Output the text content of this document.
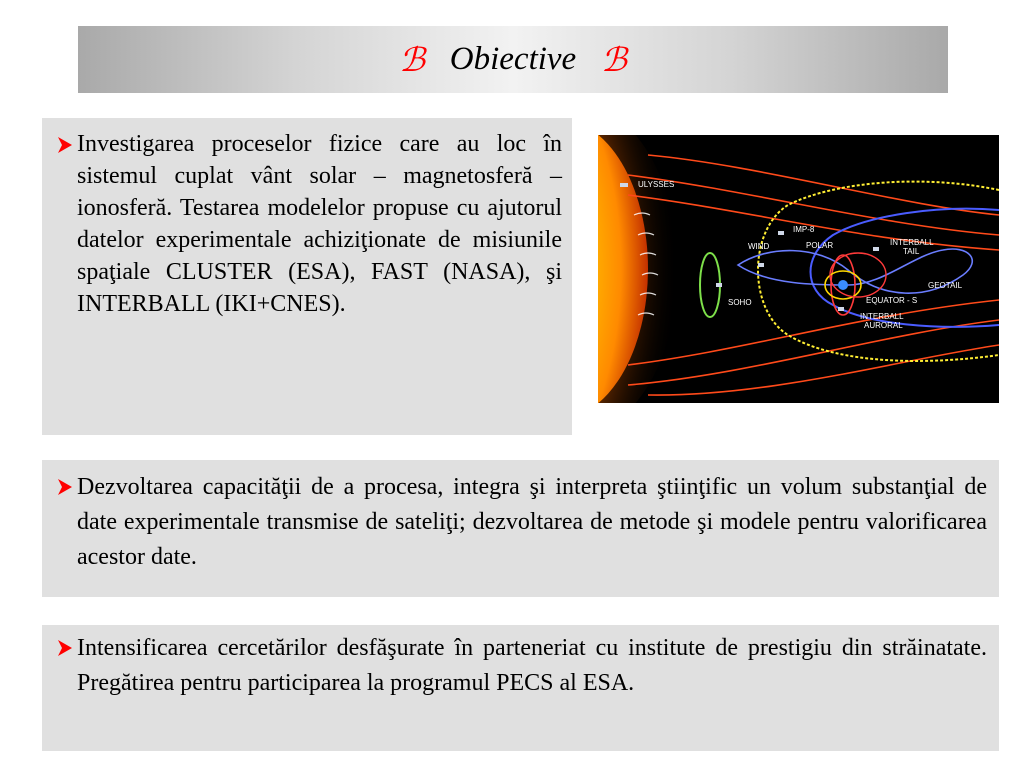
ℬ Obiective ℬ

Investigarea proceselor fizice care au loc în sistemul cuplat vânt solar – magnetosferă – ionosferă. Testarea modelelor propuse cu ajutorul datelor experimentale achiziţionate de misiunile spaţiale CLUSTER (ESA), FAST (NASA), şi INTERBALL (IKI+CNES).

ULYSSES
IMP-8
WIND	POLAR	INTERBALL
TAIL
GEOTAIL
EQUATOR - S
SOHO
INTERBALL
AURORAL

Dezvoltarea capacităţii de a procesa, integra şi interpreta ştiinţific un volum substanţial de date experimentale transmise de sateliţi; dezvoltarea de metode şi modele pentru valorificarea acestor date.

Intensificarea cercetărilor desfăşurate în parteneriat cu institute de prestigiu din străinatate. Pregătirea pentru participarea la programul PECS al ESA.
